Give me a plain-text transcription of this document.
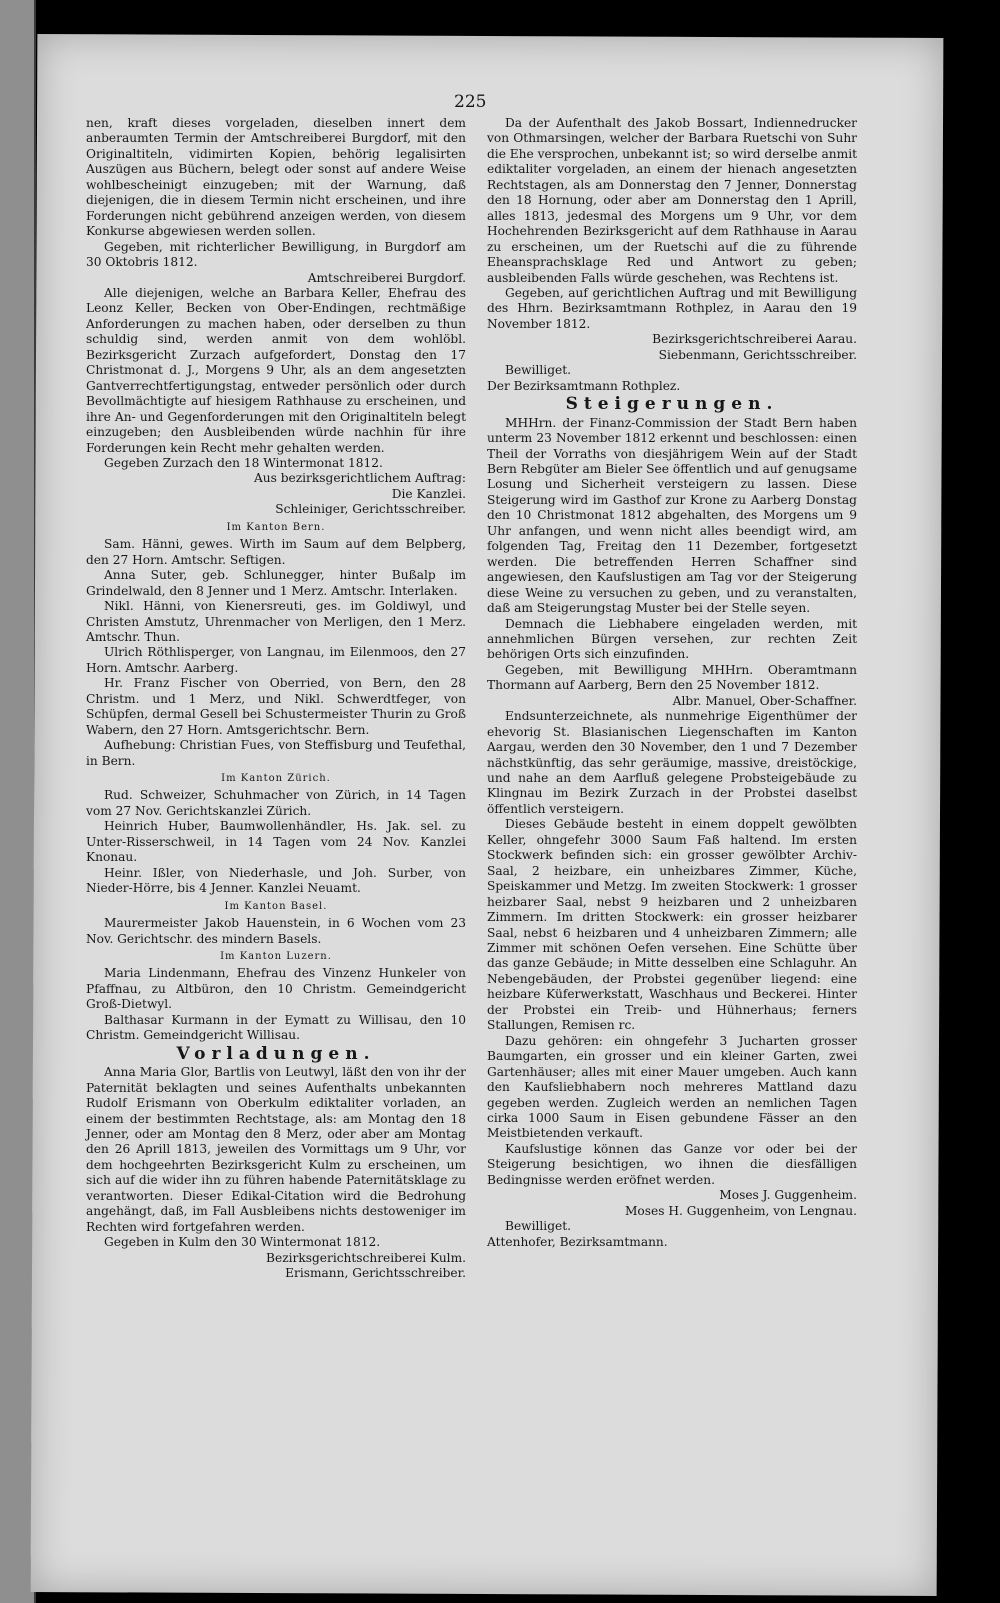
225

nen, kraft dieses vorgeladen, dieselben innert dem anberaumten Termin der Amtschreiberei Burgdorf, mit den Originaltiteln, vidimirten Kopien, behörig legalisirten Auszügen aus Büchern, belegt oder sonst auf andere Weise wohlbescheinigt einzugeben; mit der Warnung, daß diejenigen, die in diesem Termin nicht erscheinen, und ihre Forderungen nicht gebührend anzeigen werden, von diesem Konkurse abgewiesen werden sollen.

Gegeben, mit richterlicher Bewilligung, in Burgdorf am 30 Oktobris 1812.

Amtschreiberei Burgdorf.

Alle diejenigen, welche an Barbara Keller, Ehefrau des Leonz Keller, Becken von Ober-Endingen, rechtmäßige Anforderungen zu machen haben, oder derselben zu thun schuldig sind, werden anmit von dem wohlöbl. Bezirksgericht Zurzach aufgefordert, Donstag den 17 Christmonat d. J., Morgens 9 Uhr, als an dem angesetzten Gantverrechtfertigungstag, entweder persönlich oder durch Bevollmächtigte auf hiesigem Rathhause zu erscheinen, und ihre An- und Gegenforderungen mit den Originaltiteln belegt einzugeben; den Ausbleibenden würde nachhin für ihre Forderungen kein Recht mehr gehalten werden.

Gegeben Zurzach den 18 Wintermonat 1812.

Aus bezirksgerichtlichem Auftrag:

Die Kanzlei.

Schleiniger, Gerichtsschreiber.

Im Kanton Bern.

Sam. Hänni, gewes. Wirth im Saum auf dem Belpberg, den 27 Horn. Amtschr. Seftigen.

Anna Suter, geb. Schlunegger, hinter Bußalp im Grindelwald, den 8 Jenner und 1 Merz. Amtschr. Interlaken.

Nikl. Hänni, von Kienersreuti, ges. im Goldiwyl, und Christen Amstutz, Uhrenmacher von Merligen, den 1 Merz. Amtschr. Thun.

Ulrich Röthlisperger, von Langnau, im Eilenmoos, den 27 Horn. Amtschr. Aarberg.

Hr. Franz Fischer von Oberried, von Bern, den 28 Christm. und 1 Merz, und Nikl. Schwerdtfeger, von Schüpfen, dermal Gesell bei Schustermeister Thurin zu Groß Wabern, den 27 Horn. Amtsgerichtschr. Bern.

Aufhebung: Christian Fues, von Steffisburg und Teufethal, in Bern.

Im Kanton Zürich.

Rud. Schweizer, Schuhmacher von Zürich, in 14 Tagen vom 27 Nov. Gerichtskanzlei Zürich.

Heinrich Huber, Baumwollenhändler, Hs. Jak. sel. zu Unter-Risserschweil, in 14 Tagen vom 24 Nov. Kanzlei Knonau.

Heinr. Ißler, von Niederhasle, und Joh. Surber, von Nieder-Hörre, bis 4 Jenner. Kanzlei Neuamt.

Im Kanton Basel.

Maurermeister Jakob Hauenstein, in 6 Wochen vom 23 Nov. Gerichtschr. des mindern Basels.

Im Kanton Luzern.

Maria Lindenmann, Ehefrau des Vinzenz Hunkeler von Pfaffnau, zu Altbüron, den 10 Christm. Gemeindgericht Groß-Dietwyl.

Balthasar Kurmann in der Eymatt zu Willisau, den 10 Christm. Gemeindgericht Willisau.

Vorladungen.

Anna Maria Glor, Bartlis von Leutwyl, läßt den von ihr der Paternität beklagten und seines Aufenthalts unbekannten Rudolf Erismann von Oberkulm ediktaliter vorladen, an einem der bestimmten Rechtstage, als: am Montag den 18 Jenner, oder am Montag den 8 Merz, oder aber am Montag den 26 Aprill 1813, jeweilen des Vormittags um 9 Uhr, vor dem hochgeehrten Bezirksgericht Kulm zu erscheinen, um sich auf die wider ihn zu führen habende Paternitätsklage zu verantworten. Dieser Edikal-Citation wird die Bedrohung angehängt, daß, im Fall Ausbleibens nichts destoweniger im Rechten wird fortgefahren werden.

Gegeben in Kulm den 30 Wintermonat 1812.

Bezirksgerichtschreiberei Kulm.

Erismann, Gerichtsschreiber.

Da der Aufenthalt des Jakob Bossart, Indiennedrucker von Othmarsingen, welcher der Barbara Ruetschi von Suhr die Ehe versprochen, unbekannt ist; so wird derselbe anmit ediktaliter vorgeladen, an einem der hienach angesetzten Rechtstagen, als am Donnerstag den 7 Jenner, Donnerstag den 18 Hornung, oder aber am Donnerstag den 1 Aprill, alles 1813, jedesmal des Morgens um 9 Uhr, vor dem Hochehrenden Bezirksgericht auf dem Rathhause in Aarau zu erscheinen, um der Ruetschi auf die zu führende Eheansprachsklage Red und Antwort zu geben; ausbleibenden Falls würde geschehen, was Rechtens ist.

Gegeben, auf gerichtlichen Auftrag und mit Bewilligung des Hhrn. Bezirksamtmann Rothplez, in Aarau den 19 November 1812.

Bezirksgerichtschreiberei Aarau.

Siebenmann, Gerichtsschreiber.

Bewilliget.

Der Bezirksamtmann Rothplez.

Steigerungen.

MHHrn. der Finanz-Commission der Stadt Bern haben unterm 23 November 1812 erkennt und beschlossen: einen Theil der Vorraths von diesjährigem Wein auf der Stadt Bern Rebgüter am Bieler See öffentlich und auf genugsame Losung und Sicherheit versteigern zu lassen. Diese Steigerung wird im Gasthof zur Krone zu Aarberg Donstag den 10 Christmonat 1812 abgehalten, des Morgens um 9 Uhr anfangen, und wenn nicht alles beendigt wird, am folgenden Tag, Freitag den 11 Dezember, fortgesetzt werden. Die betreffenden Herren Schaffner sind angewiesen, den Kaufslustigen am Tag vor der Steigerung diese Weine zu versuchen zu geben, und zu veranstalten, daß am Steigerungstag Muster bei der Stelle seyen.

Demnach die Liebhabere eingeladen werden, mit annehmlichen Bürgen versehen, zur rechten Zeit behörigen Orts sich einzufinden.

Gegeben, mit Bewilligung MHHrn. Oberamtmann Thormann auf Aarberg, Bern den 25 November 1812.

Albr. Manuel, Ober-Schaffner.

Endsunterzeichnete, als nunmehrige Eigenthümer der ehevorig St. Blasianischen Liegenschaften im Kanton Aargau, werden den 30 November, den 1 und 7 Dezember nächstkünftig, das sehr geräumige, massive, dreistöckige, und nahe an dem Aarfluß gelegene Probsteigebäude zu Klingnau im Bezirk Zurzach in der Probstei daselbst öffentlich versteigern.

Dieses Gebäude besteht in einem doppelt gewölbten Keller, ohngefehr 3000 Saum Faß haltend. Im ersten Stockwerk befinden sich: ein grosser gewölbter Archiv-Saal, 2 heizbare, ein unheizbares Zimmer, Küche, Speiskammer und Metzg. Im zweiten Stockwerk: 1 grosser heizbarer Saal, nebst 9 heizbaren und 2 unheizbaren Zimmern. Im dritten Stockwerk: ein grosser heizbarer Saal, nebst 6 heizbaren und 4 unheizbaren Zimmern; alle Zimmer mit schönen Oefen versehen. Eine Schütte über das ganze Gebäude; in Mitte desselben eine Schlaguhr. An Nebengebäuden, der Probstei gegenüber liegend: eine heizbare Küferwerkstatt, Waschhaus und Beckerei. Hinter der Probstei ein Treib- und Hühnerhaus; ferners Stallungen, Remisen rc.

Dazu gehören: ein ohngefehr 3 Jucharten grosser Baumgarten, ein grosser und ein kleiner Garten, zwei Gartenhäuser; alles mit einer Mauer umgeben. Auch kann den Kaufsliebhabern noch mehreres Mattland dazu gegeben werden. Zugleich werden an nemlichen Tagen cirka 1000 Saum in Eisen gebundene Fässer an den Meistbietenden verkauft.

Kaufslustige können das Ganze vor oder bei der Steigerung besichtigen, wo ihnen die diesfälligen Bedingnisse werden eröfnet werden.

Moses J. Guggenheim.

Moses H. Guggenheim, von Lengnau.

Bewilliget.

Attenhofer, Bezirksamtmann.
